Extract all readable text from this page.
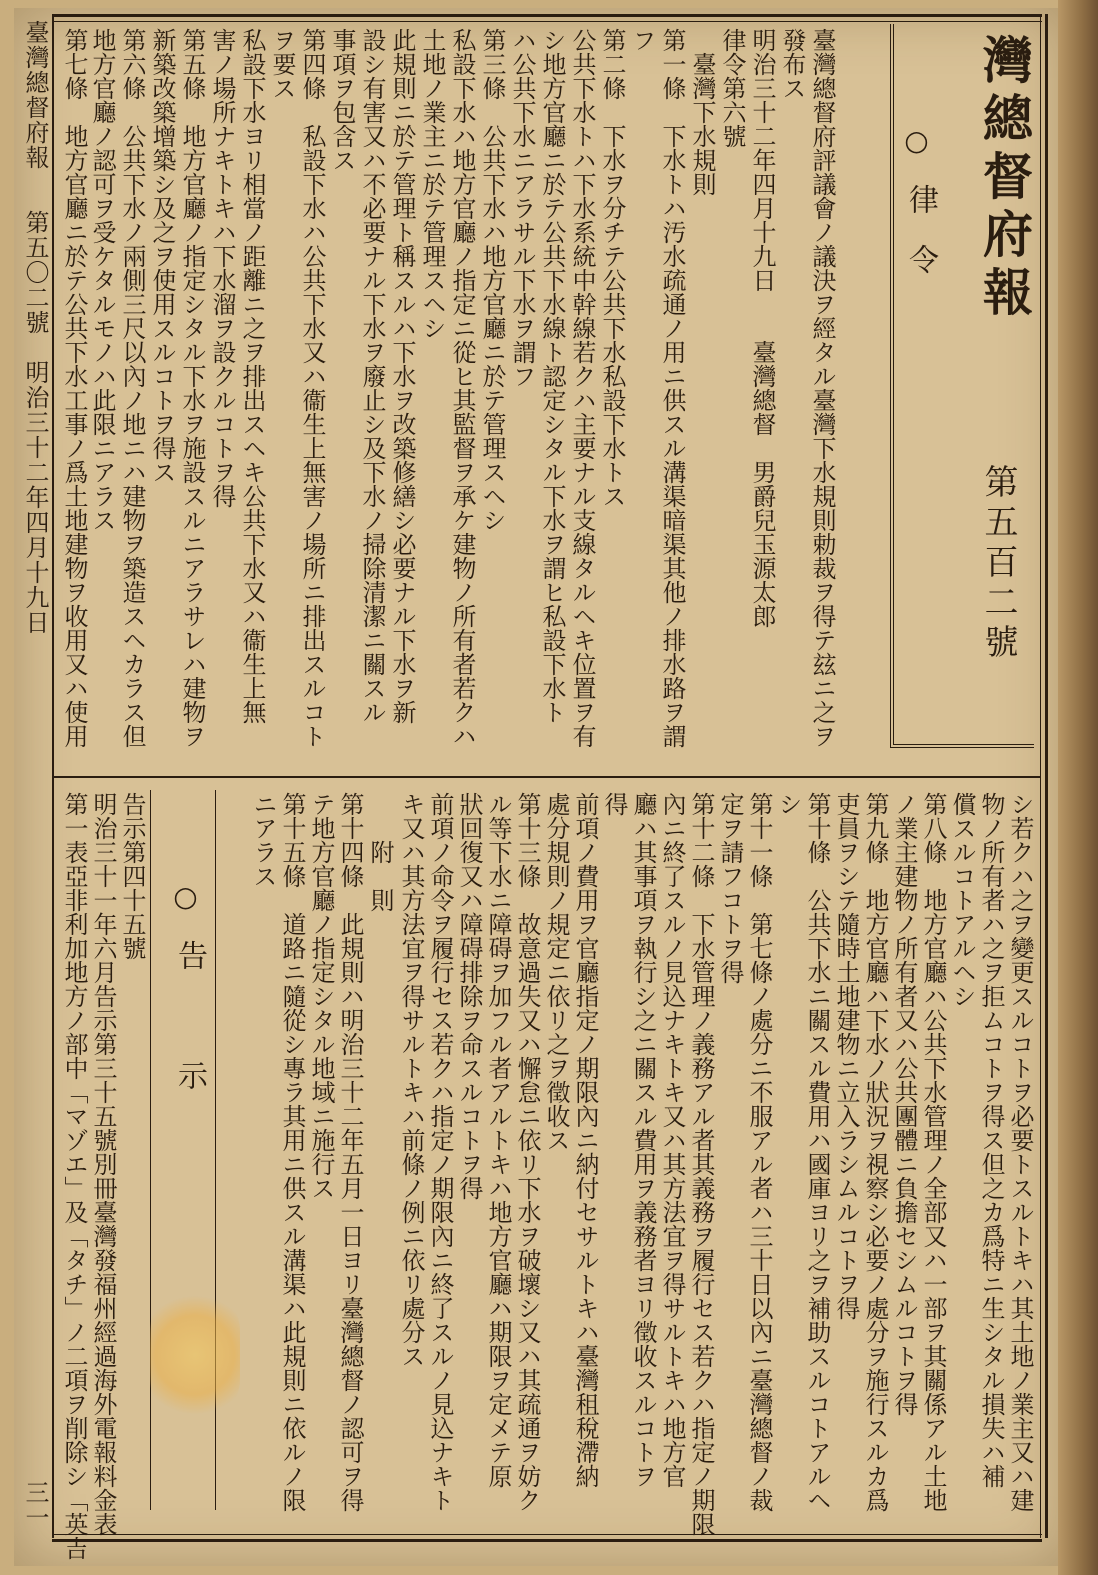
灣總督府報
第五百二號
○
律令
臺灣總督府報
第五〇二號
明治三十二年四月十九日
三一
臺灣總督府評議會ノ議決ヲ經タル臺灣下水規則勅裁ヲ得テ玆ニ之ヲ
發布ス
明治三十二年四月十九日　　臺灣總督　男爵兒玉源太郎
律令第六號
　臺灣下水規則
第一條　下水トハ汚水疏通ノ用ニ供スル溝渠暗渠其他ノ排水路ヲ謂
フ
第二條　下水ヲ分チテ公共下水私設下水トス
公共下水トハ下水系統中幹線若クハ主要ナル支線タルヘキ位置ヲ有
シ地方官廳ニ於テ公共下水線ト認定シタル下水ヲ謂ヒ私設下水ト
ハ公共下水ニアラサル下水ヲ謂フ
第三條　公共下水ハ地方官廳ニ於テ管理スヘシ
私設下水ハ地方官廳ノ指定ニ從ヒ其監督ヲ承ケ建物ノ所有者若クハ
土地ノ業主ニ於テ管理スヘシ
此規則ニ於テ管理ト稱スルハ下水ヲ改築修繕シ必要ナル下水ヲ新
設シ有害又ハ不必要ナル下水ヲ廢止シ及下水ノ掃除清潔ニ關スル
事項ヲ包含ス
第四條　私設下水ハ公共下水又ハ衞生上無害ノ場所ニ排出スルコト
ヲ要ス
私設下水ヨリ相當ノ距離ニ之ヲ排出スヘキ公共下水又ハ衞生上無
害ノ場所ナキトキハ下水溜ヲ設クルコトヲ得
第五條　地方官廳ノ指定シタル下水ヲ施設スルニアラサレハ建物ヲ
新築改築增築シ及之ヲ使用スルコトヲ得ス
第六條　公共下水ノ兩側三尺以內ノ地ニハ建物ヲ築造スヘカラス但
地方官廳ノ認可ヲ受ケタルモノハ此限ニアラス
第七條　地方官廳ニ於テ公共下水工事ノ爲土地建物ヲ收用又ハ使用
シ若クハ之ヲ變更スルコトヲ必要トスルトキハ其土地ノ業主又ハ建
物ノ所有者ハ之ヲ拒ムコトヲ得ス但之カ爲特ニ生シタル損失ハ補
償スルコトアルヘシ
第八條　地方官廳ハ公共下水管理ノ全部又ハ一部ヲ其關係アル土地
ノ業主建物ノ所有者又ハ公共團體ニ負擔セシムルコトヲ得
第九條　地方官廳ハ下水ノ狀況ヲ視察シ必要ノ處分ヲ施行スルカ爲
吏員ヲシテ隨時土地建物ニ立入ラシムルコトヲ得
第十條　公共下水ニ關スル費用ハ國庫ヨリ之ヲ補助スルコトアルヘ
シ
第十一條　第七條ノ處分ニ不服アル者ハ三十日以內ニ臺灣總督ノ裁
定ヲ請フコトヲ得
第十二條　下水管理ノ義務アル者其義務ヲ履行セス若クハ指定ノ期限
內ニ終了スルノ見込ナキトキ又ハ其方法宜ヲ得サルトキハ地方官
廳ハ其事項ヲ執行シ之ニ關スル費用ヲ義務者ヨリ徵收スルコトヲ
得
前項ノ費用ヲ官廳指定ノ期限內ニ納付セサルトキハ臺灣租稅滯納
處分規則ノ規定ニ依リ之ヲ徵收ス
第十三條　故意過失又ハ懈怠ニ依リ下水ヲ破壞シ又ハ其疏通ヲ妨ク
ル等下水ニ障碍ヲ加フル者アルトキハ地方官廳ハ期限ヲ定メテ原
狀回復又ハ障碍排除ヲ命スルコトヲ得
前項ノ命令ヲ履行セス若クハ指定ノ期限內ニ終了スルノ見込ナキト
キ又ハ其方法宜ヲ得サルトキハ前條ノ例ニ依リ處分ス
　　附　則
第十四條　此規則ハ明治三十二年五月一日ヨリ臺灣總督ノ認可ヲ得
テ地方官廳ノ指定シタル地域ニ施行ス
第十五條　道路ニ隨從シ專ラ其用ニ供スル溝渠ハ此規則ニ依ルノ限
ニアラス
○
告示
告示第四十五號
明治三十一年六月告示第三十五號別冊臺灣發福州經過海外電報料金表
第一表亞非利加地方ノ部中「マゾエ」及「タチ」ノ二項ヲ削除シ「英吉
